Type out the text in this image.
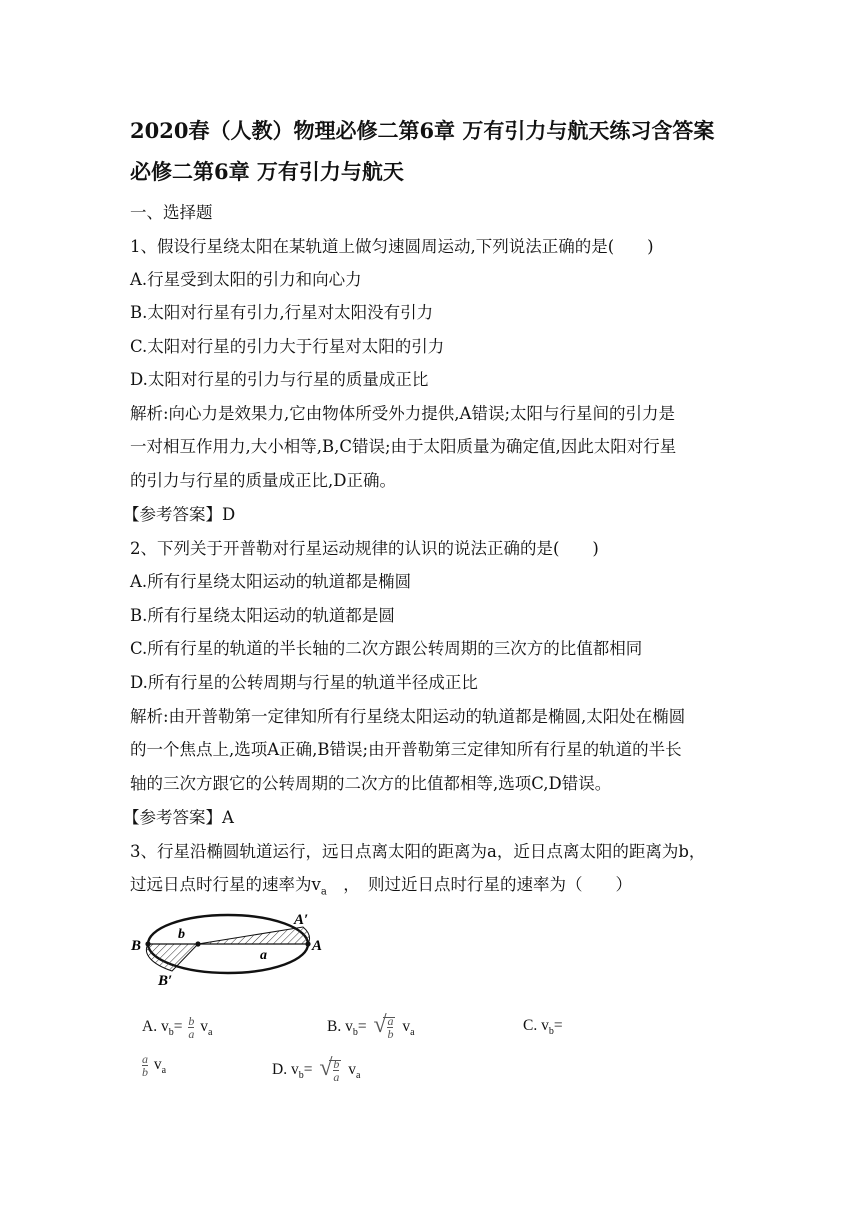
2020春（人教）物理必修二第6章 万有引力与航天练习含答案
必修二第6章 万有引力与航天
一、选择题
1、假设行星绕太阳在某轨道上做匀速圆周运动,下列说法正确的是(　　)
A.行星受到太阳的引力和向心力
B.太阳对行星有引力,行星对太阳没有引力
C.太阳对行星的引力大于行星对太阳的引力
D.太阳对行星的引力与行星的质量成正比
解析:向心力是效果力,它由物体所受外力提供,A错误;太阳与行星间的引力是
一对相互作用力,大小相等,B,C错误;由于太阳质量为确定值,因此太阳对行星
的引力与行星的质量成正比,D正确。
【参考答案】D
2、下列关于开普勒对行星运动规律的认识的说法正确的是(　　)
A.所有行星绕太阳运动的轨道都是椭圆
B.所有行星绕太阳运动的轨道都是圆
C.所有行星的轨道的半长轴的二次方跟公转周期的三次方的比值都相同
D.所有行星的公转周期与行星的轨道半径成正比
解析:由开普勒第一定律知所有行星绕太阳运动的轨道都是椭圆,太阳处在椭圆
的一个焦点上,选项A正确,B错误;由开普勒第三定律知所有行星的轨道的半长
轴的三次方跟它的公转周期的二次方的比值都相等,选项C,D错误。
【参考答案】A
3、行星沿椭圆轨道运行，远日点离太阳的距离为a，近日点离太阳的距离为b，
过远日点时行星的速率为$v_a$　，　则过近日点时行星的速率为（　　）
B
b
A′
A
a
B′
A. $v_b= \frac{b}{a} v_a$	B. $v_b=$ √ $\frac{a}{b} v_a$	C. $v_b=$
$\frac{a}{b} v_a$	D. $v_b=$ √ $\frac{b}{a} v_a$
